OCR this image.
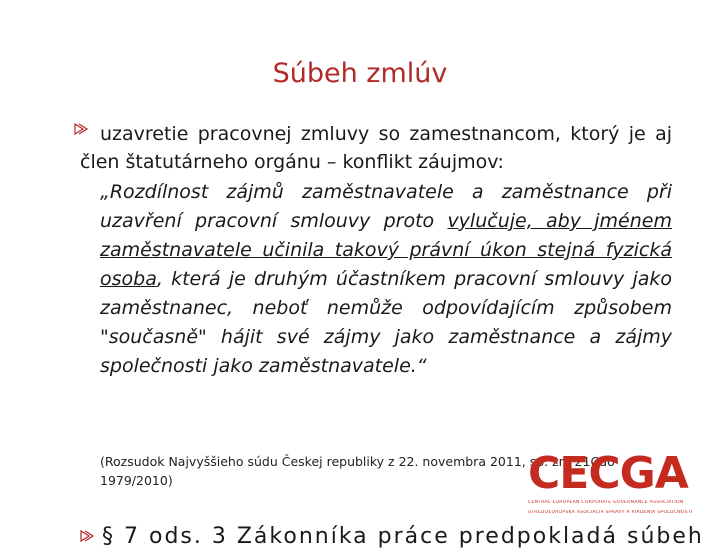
Súbeh zmlúv

uzavretie pracovnej zmluvy so zamestnancom, ktorý je aj člen štatutárneho orgánu – konflikt záujmov:

„Rozdílnost zájmů zaměstnavatele a zaměstnance při uzavření pracovní smlouvy proto vylučuje, aby jménem zaměstnavatele učinila takový právní úkon stejná fyzická osoba, která je druhým účastníkem pracovní smlouvy jako zaměstnanec, neboť nemůže odpovídajícím způsobem "současně" hájit své zájmy jako zaměstnance a zájmy společnosti jako zaměstnavatele.“

(Rozsudok Najvyššieho súdu Českej republiky z 22. novembra 2011, sp. zn. 21Cdo 1979/2010)	CECGA
CENTRAL EUROPEAN CORPORATE GOVERNANCE ASSOCIATION
STREDOEURÓPSKA ASOCIÁCIA SPRÁVY A RIADENIA SPOLOČNOSTÍ
§ 7 ods. 3 Zákonníka práce predpokladá súbeh
